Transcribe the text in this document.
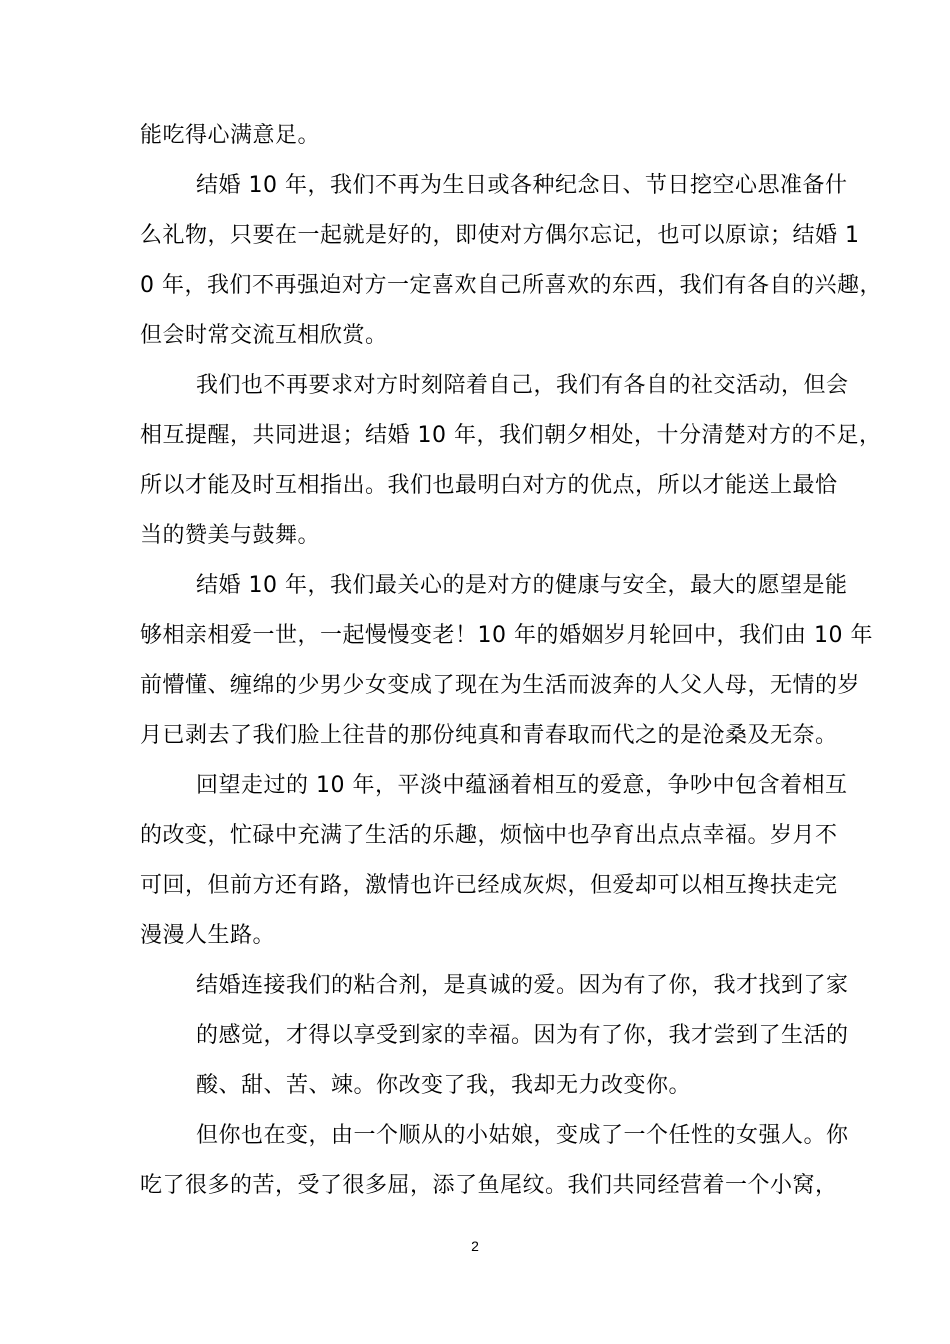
能吃得心满意足。
结婚 10 年，我们不再为生日或各种纪念日、节日挖空心思准备什
么礼物，只要在一起就是好的，即使对方偶尔忘记，也可以原谅；结婚 1
0 年，我们不再强迫对方一定喜欢自己所喜欢的东西，我们有各自的兴趣，
但会时常交流互相欣赏。
我们也不再要求对方时刻陪着自己，我们有各自的社交活动，但会
相互提醒，共同进退；结婚 10 年，我们朝夕相处，十分清楚对方的不足，
所以才能及时互相指出。我们也最明白对方的优点，所以才能送上最恰
当的赞美与鼓舞。
结婚 10 年，我们最关心的是对方的健康与安全，最大的愿望是能
够相亲相爱一世，一起慢慢变老！10 年的婚姻岁月轮回中，我们由 10 年
前懵懂、缠绵的少男少女变成了现在为生活而波奔的人父人母，无情的岁
月已剥去了我们脸上往昔的那份纯真和青春取而代之的是沧桑及无奈。
回望走过的 10 年，平淡中蕴涵着相互的爱意，争吵中包含着相互
的改变，忙碌中充满了生活的乐趣，烦恼中也孕育出点点幸福。岁月不
可回，但前方还有路，激情也许已经成灰烬，但爱却可以相互搀扶走完
漫漫人生路。
结婚连接我们的粘合剂，是真诚的爱。因为有了你，我才找到了家
的感觉，才得以享受到家的幸福。因为有了你，我才尝到了生活的
酸、甜、苦、竦。你改变了我，我却无力改变你。
但你也在变，由一个顺从的小姑娘，变成了一个任性的女强人。你
吃了很多的苦，受了很多屈，添了鱼尾纹。我们共同经营着一个小窝，
2
